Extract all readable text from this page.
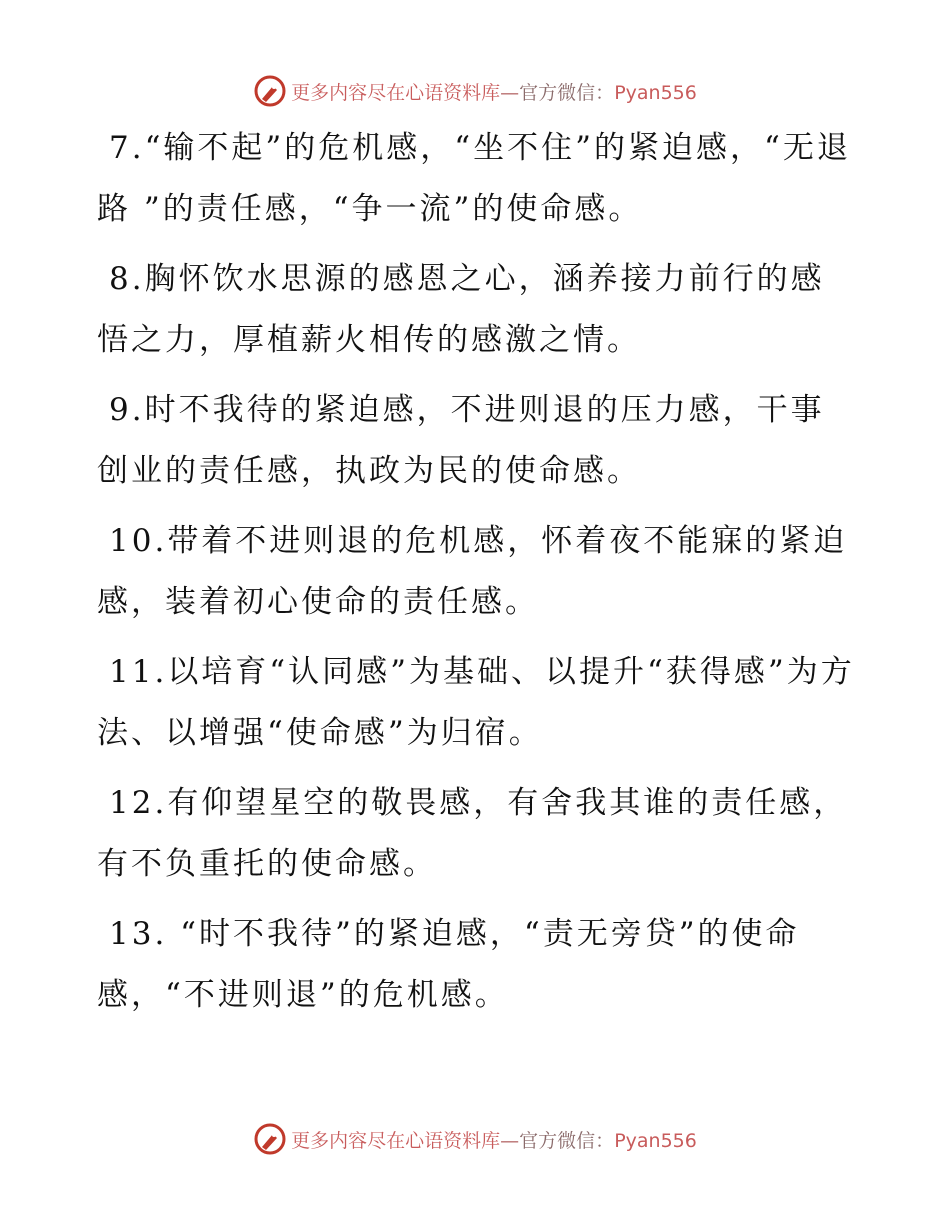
更多内容尽在心语资料库—官方微信：Pyan556

7.“输不起”的危机感，“坐不住”的紧迫感，“无退路 ”的责任感，“争一流”的使命感。

8.胸怀饮水思源的感恩之心，涵养接力前行的感悟之力，厚植薪火相传的感激之情。

9.时不我待的紧迫感，不进则退的压力感，干事创业的责任感，执政为民的使命感。

10.带着不进则退的危机感，怀着夜不能寐的紧迫感，装着初心使命的责任感。

11.以培育“认同感”为基础、以提升“获得感”为方法、以增强“使命感”为归宿。

12.有仰望星空的敬畏感，有舍我其谁的责任感，有不负重托的使命感。

13. “时不我待”的紧迫感，“责无旁贷”的使命感，“不进则退”的危机感。

更多内容尽在心语资料库—官方微信：Pyan556
